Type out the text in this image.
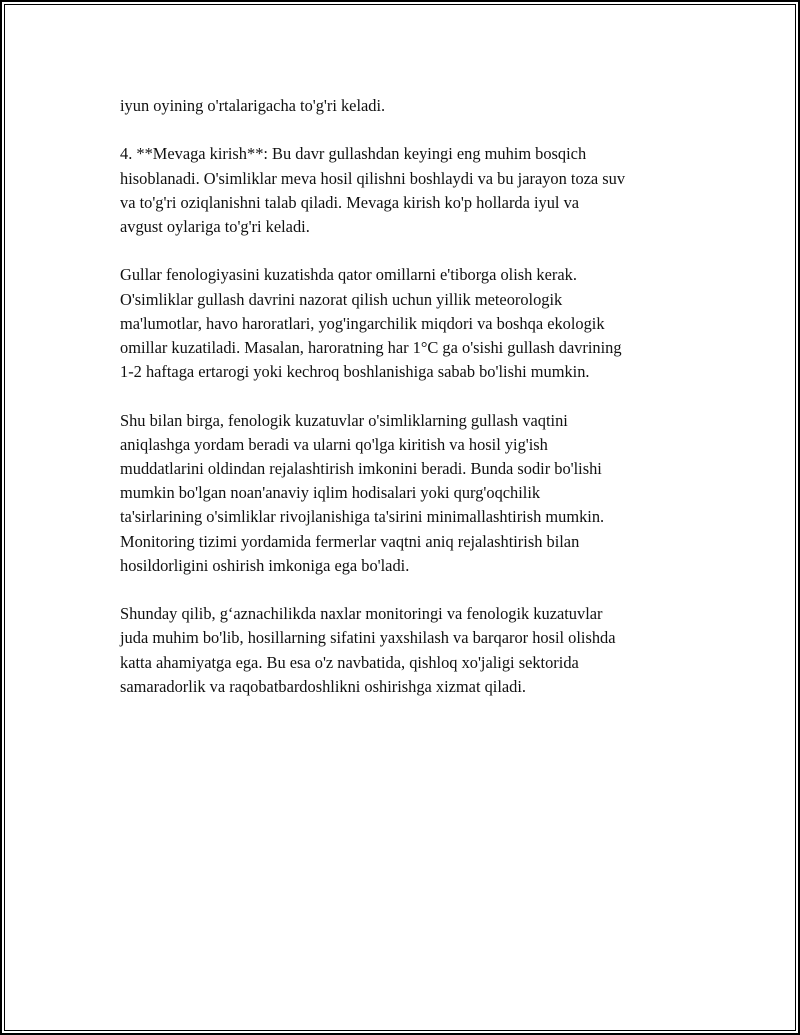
iyun oyining o'rtalarigacha to'g'ri keladi.

4. **Mevaga kirish**: Bu davr gullashdan keyingi eng muhim bosqich
hisoblanadi. O'simliklar meva hosil qilishni boshlaydi va bu jarayon toza suv
va to'g'ri oziqlanishni talab qiladi. Mevaga kirish ko'p hollarda iyul va
avgust oylariga to'g'ri keladi.

Gullar fenologiyasini kuzatishda qator omillarni e'tiborga olish kerak.
O'simliklar gullash davrini nazorat qilish uchun yillik meteorologik
ma'lumotlar, havo haroratlari, yog'ingarchilik miqdori va boshqa ekologik
omillar kuzatiladi. Masalan, haroratning har 1°C ga o'sishi gullash davrining
1-2 haftaga ertarogi yoki kechroq boshlanishiga sabab bo'lishi mumkin.

Shu bilan birga, fenologik kuzatuvlar o'simliklarning gullash vaqtini
aniqlashga yordam beradi va ularni qo'lga kiritish va hosil yig'ish
muddatlarini oldindan rejalashtirish imkonini beradi. Bunda sodir bo'lishi
mumkin bo'lgan noan'anaviy iqlim hodisalari yoki qurg'oqchilik
ta'sirlarining o'simliklar rivojlanishiga ta'sirini minimallashtirish mumkin.
Monitoring tizimi yordamida fermerlar vaqtni aniq rejalashtirish bilan
hosildorligini oshirish imkoniga ega bo'ladi.

Shunday qilib, g‘aznachilikda naxlar monitoringi va fenologik kuzatuvlar
juda muhim bo'lib, hosillarning sifatini yaxshilash va barqaror hosil olishda
katta ahamiyatga ega. Bu esa o'z navbatida, qishloq xo'jaligi sektorida
samaradorlik va raqobatbardoshlikni oshirishga xizmat qiladi.
